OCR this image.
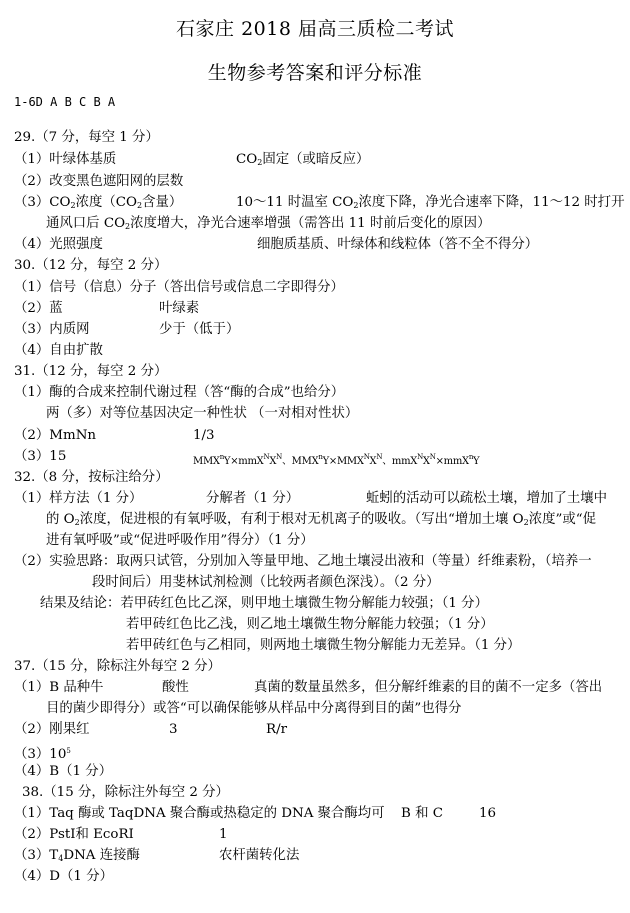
石家庄 2018 届高三质检二考试
生物参考答案和评分标准
1-6D A B C B A
29.（7 分，每空 1 分）
（1）叶绿体基质	$CO_2$固定（或暗反应）
（2）改变黑色遮阳网的层数
$(3)CO_2$浓度（$CO_2$含量）	10～11 时温室 $CO_2$浓度下降，净光合速率下降，11～12 时打开
通风口后 $CO_2$浓度增大，净光合速率增强（需答出 11 时前后变化的原因）
（4）光照强度	细胞质基质、叶绿体和线粒体（答不全不得分）
30.（12 分，每空 2 分）
（1）信号（信息）分子（答出信号或信息二字即得分）
（2）蓝	叶绿素
（3）内质网	少于（低于）
（4）自由扩散
31.（12 分，每空 2 分）
（1）酶的合成来控制代谢过程（答“酶的合成”也给分）
两（多）对等位基因决定一种性状 （一对相对性状）
（2）MmNn	1/3
（3）15	$MMX^nY\times mmX^NX^N$、$MMX^nY\times MMX^NX^N$、$mmX^NX^N\times mmX^nY$
32.（8 分，按标注给分）
（1）样方法（1 分）	分解者（1 分）	蚯蚓的活动可以疏松土壤，增加了土壤中
的 $O_2$浓度，促进根的有氧呼吸，有利于根对无机离子的吸收。（写出“增加土壤 $O_2$浓度”或“促
进有氧呼吸”或“促进呼吸作用”得分）（1 分）
（2）实验思路：取两只试管，分别加入等量甲地、乙地土壤浸出液和（等量）纤维素粉，（培养一
段时间后）用斐林试剂检测（比较两者颜色深浅）。（2 分）
结果及结论：若甲砖红色比乙深，则甲地土壤微生物分解能力较强；（1 分）
若甲砖红色比乙浅，则乙地土壤微生物分解能力较强；（1 分）
若甲砖红色与乙相同，则两地土壤微生物分解能力无差异。（1 分）
37.（15 分，除标注外每空 2 分）
（1）B 品种牛	酸性	真菌的数量虽然多，但分解纤维素的目的菌不一定多（答出
目的菌少即得分）或答“可以确保能够从样品中分离得到目的菌”也得分
（2）刚果红	3	R/r
$(3)10^5$
（4）B（1 分）
38.（15 分，除标注外每空 2 分）
（1）Taq 酶或 TaqDNA 聚合酶或热稳定的 DNA 聚合酶均可 B 和 C	16
（2）PstⅠ和 EcoRⅠ	1
$(3)T_4DNA$ 连接酶	农杆菌转化法
（4）D（1 分）
